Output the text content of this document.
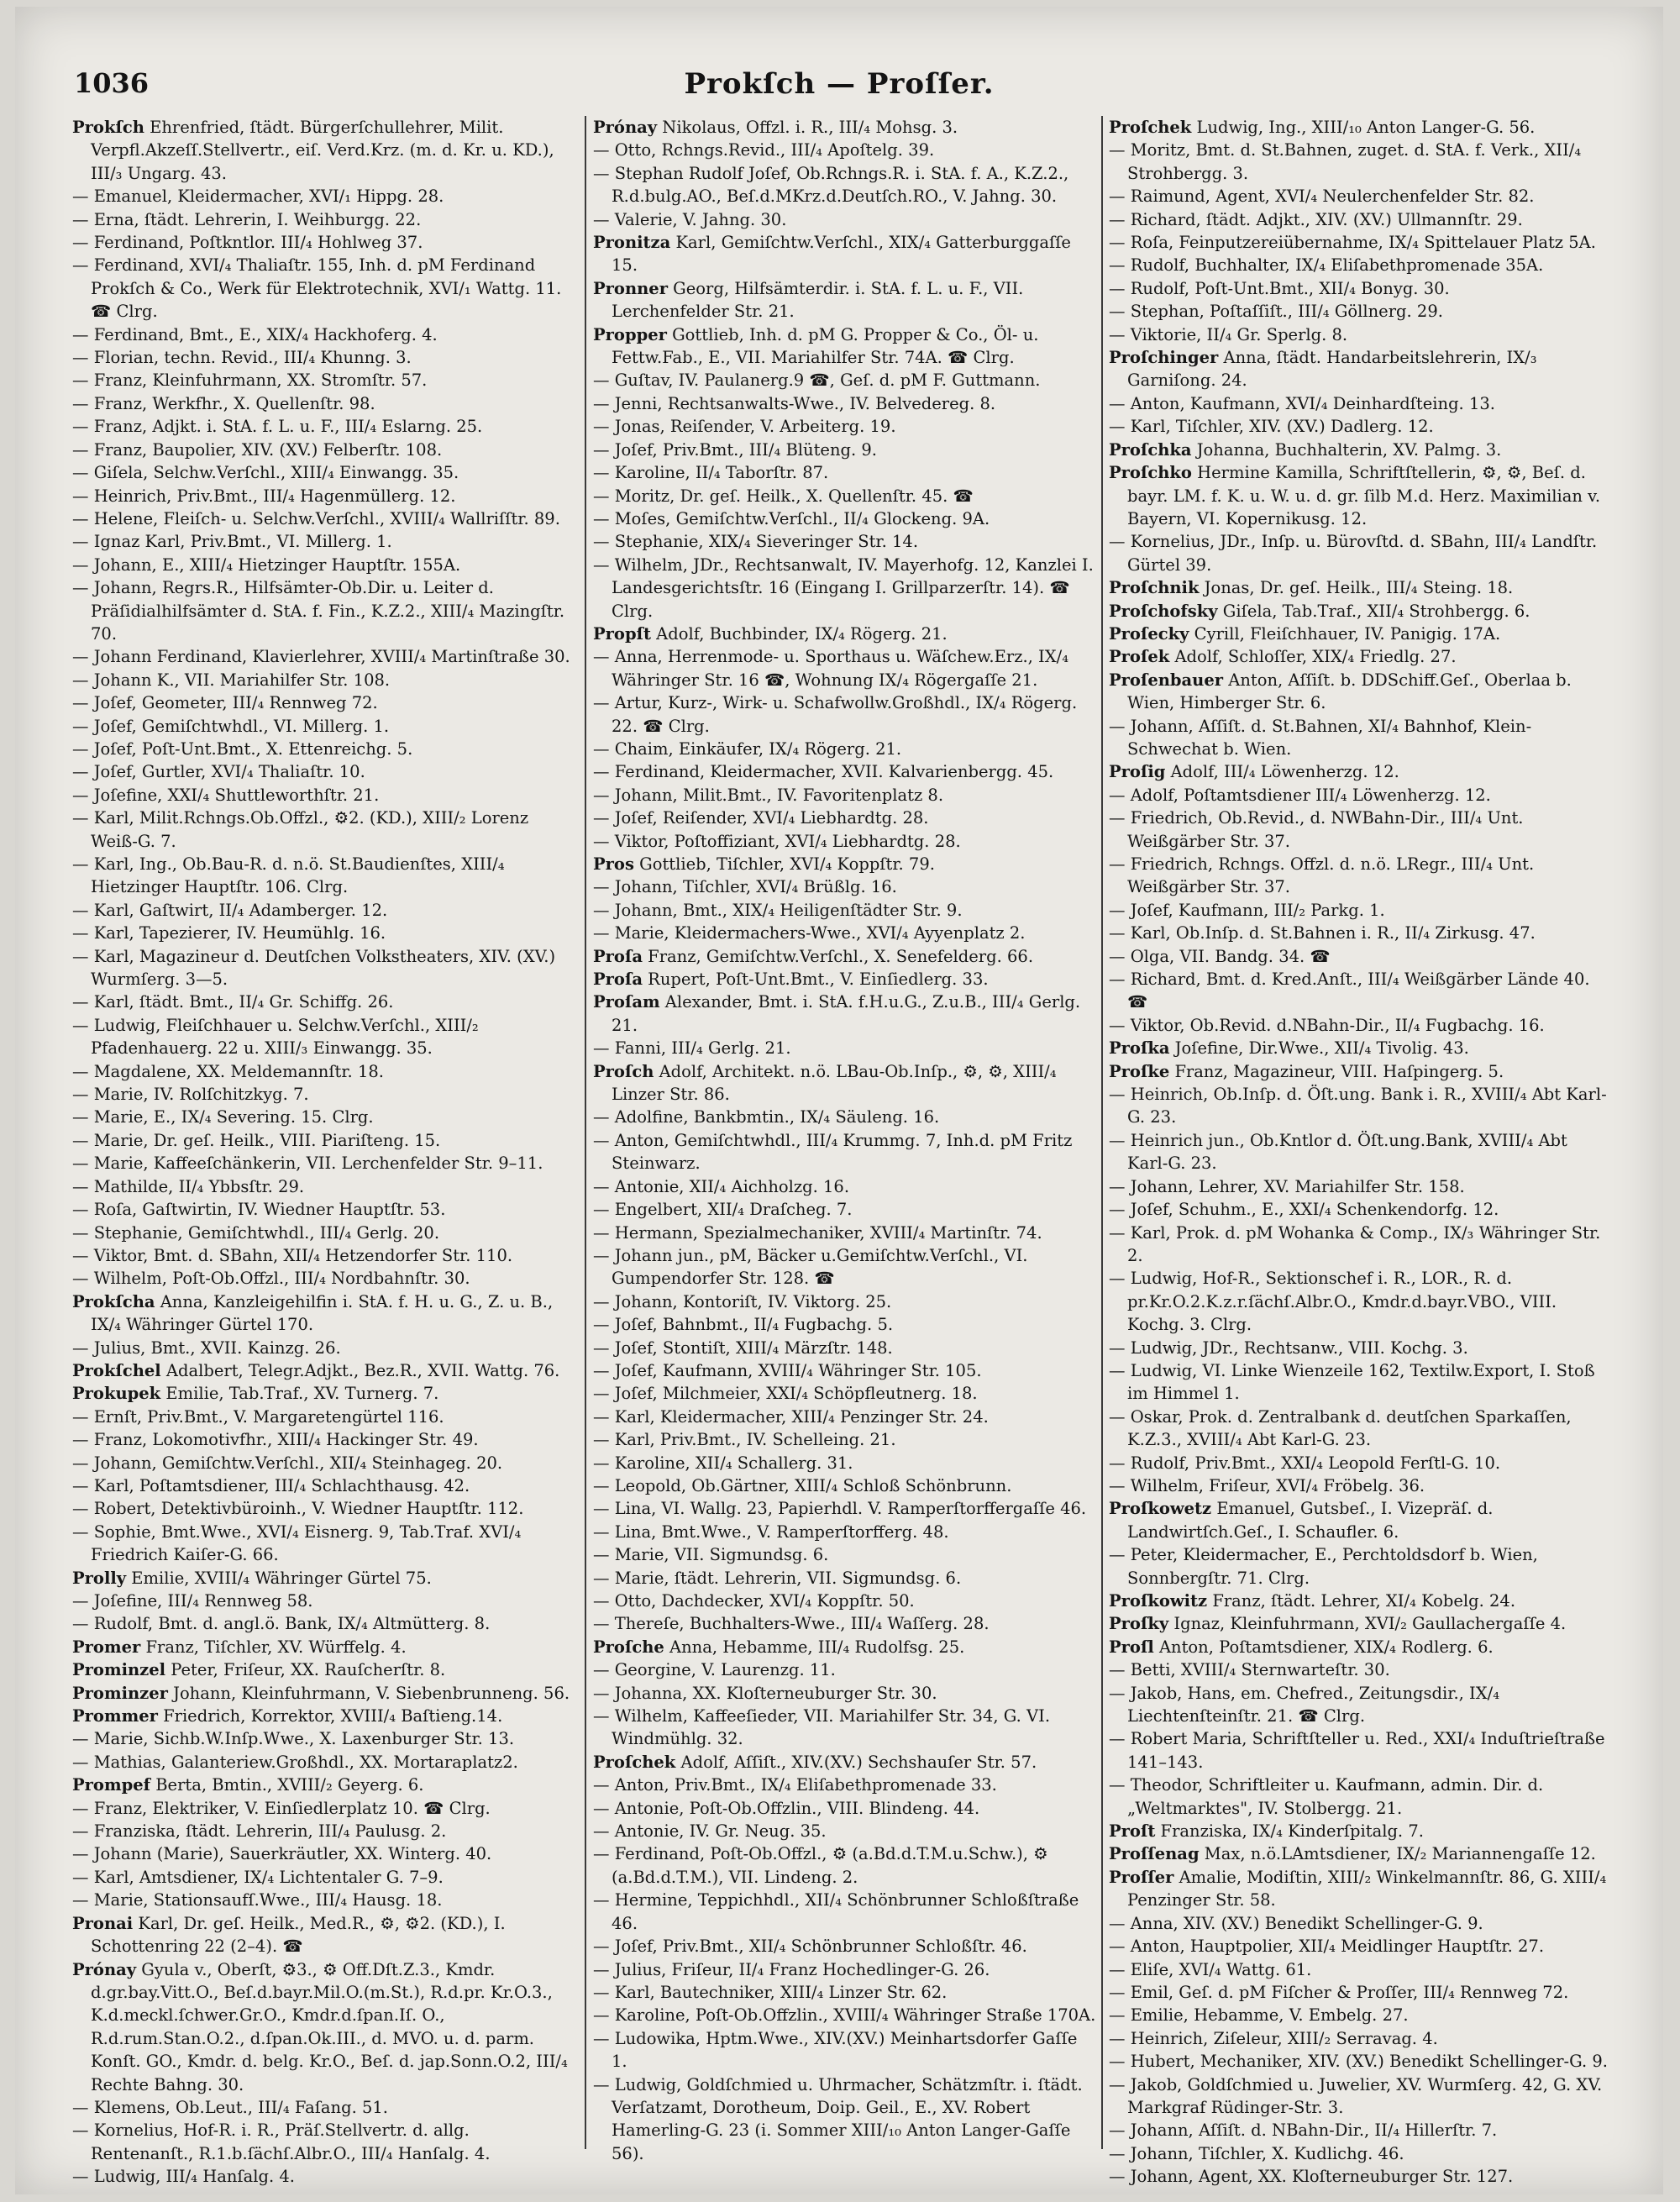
1036	Prokſch — Proſſer.

Prokſch Ehrenfried, ſtädt. Bürgerſchullehrer, Milit. Verpfl.Akzeſſ.Stellvertr., eiſ. Verd.Krz. (m. d. Kr. u. KD.), III/₃ Ungarg. 43.

— Emanuel, Kleidermacher, XVI/₁ Hippg. 28.

— Erna, ſtädt. Lehrerin, I. Weihburgg. 22.

— Ferdinand, Poſtkntlor. III/₄ Hohlweg 37.

— Ferdinand, XVI/₄ Thaliaſtr. 155, Inh. d. pM Ferdinand Prokſch & Co., Werk für Elektrotechnik, XVI/₁ Wattg. 11. ☎ Clrg.

— Ferdinand, Bmt., E., XIX/₄ Hackhoferg. 4.

— Florian, techn. Revid., III/₄ Khunng. 3.

— Franz, Kleinfuhrmann, XX. Stromſtr. 57.

— Franz, Werkfhr., X. Quellenſtr. 98.

— Franz, Adjkt. i. StA. f. L. u. F., III/₄ Eslarng. 25.

— Franz, Baupolier, XIV. (XV.) Felberſtr. 108.

— Giſela, Selchw.Verſchl., XIII/₄ Einwangg. 35.

— Heinrich, Priv.Bmt., III/₄ Hagenmüllerg. 12.

— Helene, Fleiſch- u. Selchw.Verſchl., XVIII/₄ Wallriſſtr. 89.

— Ignaz Karl, Priv.Bmt., VI. Millerg. 1.

— Johann, E., XIII/₄ Hietzinger Hauptſtr. 155A.

— Johann, Regrs.R., Hilfsämter-Ob.Dir. u. Leiter d. Präſidialhilfsämter d. StA. f. Fin., K.Z.2., XIII/₄ Mazingſtr. 70.

— Johann Ferdinand, Klavierlehrer, XVIII/₄ Martinſtraße 30.

— Johann K., VII. Mariahilfer Str. 108.

— Joſef, Geometer, III/₄ Rennweg 72.

— Joſef, Gemiſchtwhdl., VI. Millerg. 1.

— Joſef, Poſt-Unt.Bmt., X. Ettenreichg. 5.

— Joſef, Gurtler, XVI/₄ Thaliaſtr. 10.

— Joſefine, XXI/₄ Shuttleworthſtr. 21.

— Karl, Milit.Rchngs.Ob.Offzl., ⚙2. (KD.), XIII/₂ Lorenz Weiß-G. 7.

— Karl, Ing., Ob.Bau-R. d. n.ö. St.Baudienſtes, XIII/₄ Hietzinger Hauptſtr. 106. Clrg.

— Karl, Gaſtwirt, II/₄ Adamberger. 12.

— Karl, Tapezierer, IV. Heumühlg. 16.

— Karl, Magazineur d. Deutſchen Volkstheaters, XIV. (XV.) Wurmſerg. 3—5.

— Karl, ſtädt. Bmt., II/₄ Gr. Schiffg. 26.

— Ludwig, Fleiſchhauer u. Selchw.Verſchl., XIII/₂ Pfadenhauerg. 22 u. XIII/₃ Einwangg. 35.

— Magdalene, XX. Meldemannſtr. 18.

— Marie, IV. Rolſchitzkyg. 7.

— Marie, E., IX/₄ Severing. 15. Clrg.

— Marie, Dr. geſ. Heilk., VIII. Piariſteng. 15.

— Marie, Kaffeeſchänkerin, VII. Lerchenfelder Str. 9–11.

— Mathilde, II/₄ Ybbsſtr. 29.

— Roſa, Gaſtwirtin, IV. Wiedner Hauptſtr. 53.

— Stephanie, Gemiſchtwhdl., III/₄ Gerlg. 20.

— Viktor, Bmt. d. SBahn, XII/₄ Hetzendorfer Str. 110.

— Wilhelm, Poſt-Ob.Offzl., III/₄ Nordbahnſtr. 30.

Prokſcha Anna, Kanzleigehilfin i. StA. f. H. u. G., Z. u. B., IX/₄ Währinger Gürtel 170.

— Julius, Bmt., XVII. Kainzg. 26.

Prokſchel Adalbert, Telegr.Adjkt., Bez.R., XVII. Wattg. 76.

Prokupek Emilie, Tab.Traf., XV. Turnerg. 7.

— Ernſt, Priv.Bmt., V. Margaretengürtel 116.

— Franz, Lokomotivfhr., XIII/₄ Hackinger Str. 49.

— Johann, Gemiſchtw.Verſchl., XII/₄ Steinhageg. 20.

— Karl, Poſtamtsdiener, III/₄ Schlachthausg. 42.

— Robert, Detektivbüroinh., V. Wiedner Hauptſtr. 112.

— Sophie, Bmt.Wwe., XVI/₄ Eisnerg. 9, Tab.Traf. XVI/₄ Friedrich Kaiſer-G. 66.

Prolly Emilie, XVIII/₄ Währinger Gürtel 75.

— Joſefine, III/₄ Rennweg 58.

— Rudolf, Bmt. d. angl.ö. Bank, IX/₄ Altmütterg. 8.

Promer Franz, Tiſchler, XV. Würffelg. 4.

Prominzel Peter, Friſeur, XX. Rauſcherſtr. 8.

Prominzer Johann, Kleinfuhrmann, V. Siebenbrunneng. 56.

Prommer Friedrich, Korrektor, XVIII/₄ Baſtieng.14.

— Marie, Sichb.W.Inſp.Wwe., X. Laxenburger Str. 13.

— Mathias, Galanteriew.Großhdl., XX. Mortaraplatz2.

Prompef Berta, Bmtin., XVIII/₂ Geyerg. 6.

— Franz, Elektriker, V. Einſiedlerplatz 10. ☎ Clrg.

— Franziska, ſtädt. Lehrerin, III/₄ Paulusg. 2.

— Johann (Marie), Sauerkräutler, XX. Winterg. 40.

— Karl, Amtsdiener, IX/₄ Lichtentaler G. 7–9.

— Marie, Stationsaufſ.Wwe., III/₄ Hausg. 18.

Pronai Karl, Dr. geſ. Heilk., Med.R., ⚙, ⚙2. (KD.), I. Schottenring 22 (2–4). ☎

Prónay Gyula v., Oberſt, ⚙3., ⚙ Off.Dſt.Z.3., Kmdr. d.gr.bay.Vitt.O., Beſ.d.bayr.Mil.O.(m.St.), R.d.pr. Kr.O.3., K.d.meckl.ſchwer.Gr.O., Kmdr.d.ſpan.Iſ. O., R.d.rum.Stan.O.2., d.ſpan.Ok.III., d. MVO. u. d. parm. Konſt. GO., Kmdr. d. belg. Kr.O., Beſ. d. jap.Sonn.O.2, III/₄ Rechte Bahng. 30.

— Klemens, Ob.Leut., III/₄ Faſang. 51.

— Kornelius, Hof-R. i. R., Präſ.Stellvertr. d. allg. Rentenanſt., R.1.b.ſächſ.Albr.O., III/₄ Hanſalg. 4.

— Ludwig, III/₄ Hanſalg. 4.

Prónay Nikolaus, Offzl. i. R., III/₄ Mohsg. 3.

— Otto, Rchngs.Revid., III/₄ Apoſtelg. 39.

— Stephan Rudolf Joſef, Ob.Rchngs.R. i. StA. f. A., K.Z.2., R.d.bulg.AO., Beſ.d.MKrz.d.Deutſch.RO., V. Jahng. 30.

— Valerie, V. Jahng. 30.

Pronitza Karl, Gemiſchtw.Verſchl., XIX/₄ Gatterburggaſſe 15.

Pronner Georg, Hilfsämterdir. i. StA. f. L. u. F., VII. Lerchenfelder Str. 21.

Propper Gottlieb, Inh. d. pM G. Propper & Co., Öl- u. Fettw.Fab., E., VII. Mariahilfer Str. 74A. ☎ Clrg.

— Guſtav, IV. Paulanerg.9 ☎, Geſ. d. pM F. Guttmann.

— Jenni, Rechtsanwalts-Wwe., IV. Belvedereg. 8.

— Jonas, Reiſender, V. Arbeiterg. 19.

— Joſef, Priv.Bmt., III/₄ Blüteng. 9.

— Karoline, II/₄ Taborſtr. 87.

— Moritz, Dr. geſ. Heilk., X. Quellenſtr. 45. ☎

— Moſes, Gemiſchtw.Verſchl., II/₄ Glockeng. 9A.

— Stephanie, XIX/₄ Sieveringer Str. 14.

— Wilhelm, JDr., Rechtsanwalt, IV. Mayerhofg. 12, Kanzlei I. Landesgerichtsſtr. 16 (Eingang I. Grillparzerſtr. 14). ☎ Clrg.

Propſt Adolf, Buchbinder, IX/₄ Rögerg. 21.

— Anna, Herrenmode- u. Sporthaus u. Wäſchew.Erz., IX/₄ Währinger Str. 16 ☎, Wohnung IX/₄ Rögergaſſe 21.

— Artur, Kurz-, Wirk- u. Schafwollw.Großhdl., IX/₄ Rögerg. 22. ☎ Clrg.

— Chaim, Einkäufer, IX/₄ Rögerg. 21.

— Ferdinand, Kleidermacher, XVII. Kalvarienbergg. 45.

— Johann, Milit.Bmt., IV. Favoritenplatz 8.

— Joſef, Reiſender, XVI/₄ Liebhardtg. 28.

— Viktor, Poſtoffiziant, XVI/₄ Liebhardtg. 28.

Pros Gottlieb, Tiſchler, XVI/₄ Koppſtr. 79.

— Johann, Tiſchler, XVI/₄ Brüßlg. 16.

— Johann, Bmt., XIX/₄ Heiligenſtädter Str. 9.

— Marie, Kleidermachers-Wwe., XVI/₄ Ayyenplatz 2.

Proſa Franz, Gemiſchtw.Verſchl., X. Senefelderg. 66.

Proſa Rupert, Poſt-Unt.Bmt., V. Einſiedlerg. 33.

Proſam Alexander, Bmt. i. StA. f.H.u.G., Z.u.B., III/₄ Gerlg. 21.

— Fanni, III/₄ Gerlg. 21.

Proſch Adolf, Architekt. n.ö. LBau-Ob.Inſp., ⚙, ⚙, XIII/₄ Linzer Str. 86.

— Adolfine, Bankbmtin., IX/₄ Säuleng. 16.

— Anton, Gemiſchtwhdl., III/₄ Krummg. 7, Inh.d. pM Fritz Steinwarz.

— Antonie, XII/₄ Aichholzg. 16.

— Engelbert, XII/₄ Draſcheg. 7.

— Hermann, Spezialmechaniker, XVIII/₄ Martinſtr. 74.

— Johann jun., pM, Bäcker u.Gemiſchtw.Verſchl., VI. Gumpendorfer Str. 128. ☎

— Johann, Kontoriſt, IV. Viktorg. 25.

— Joſef, Bahnbmt., II/₄ Fugbachg. 5.

— Joſef, Stontiſt, XIII/₄ Märzſtr. 148.

— Joſef, Kaufmann, XVIII/₄ Währinger Str. 105.

— Joſef, Milchmeier, XXI/₄ Schöpfleutnerg. 18.

— Karl, Kleidermacher, XIII/₄ Penzinger Str. 24.

— Karl, Priv.Bmt., IV. Schelleing. 21.

— Karoline, XII/₄ Schallerg. 31.

— Leopold, Ob.Gärtner, XIII/₄ Schloß Schönbrunn.

— Lina, VI. Wallg. 23, Papierhdl. V. Ramperſtorffergaſſe 46.

— Lina, Bmt.Wwe., V. Ramperſtorfferg. 48.

— Marie, VII. Sigmundsg. 6.

— Marie, ſtädt. Lehrerin, VII. Sigmundsg. 6.

— Otto, Dachdecker, XVI/₄ Koppſtr. 50.

— Thereſe, Buchhalters-Wwe., III/₄ Waſſerg. 28.

Proſche Anna, Hebamme, III/₄ Rudolfsg. 25.

— Georgine, V. Laurenzg. 11.

— Johanna, XX. Kloſterneuburger Str. 30.

— Wilhelm, Kaffeeſieder, VII. Mariahilfer Str. 34, G. VI. Windmühlg. 32.

Proſchek Adolf, Aſſiſt., XIV.(XV.) Sechshauſer Str. 57.

— Anton, Priv.Bmt., IX/₄ Eliſabethpromenade 33.

— Antonie, Poſt-Ob.Offzlin., VIII. Blindeng. 44.

— Antonie, IV. Gr. Neug. 35.

— Ferdinand, Poſt-Ob.Offzl., ⚙ (a.Bd.d.T.M.u.Schw.), ⚙ (a.Bd.d.T.M.), VII. Lindeng. 2.

— Hermine, Teppichhdl., XII/₄ Schönbrunner Schloßſtraße 46.

— Joſef, Priv.Bmt., XII/₄ Schönbrunner Schloßſtr. 46.

— Julius, Friſeur, II/₄ Franz Hochedlinger-G. 26.

— Karl, Bautechniker, XIII/₄ Linzer Str. 62.

— Karoline, Poſt-Ob.Offzlin., XVIII/₄ Währinger Straße 170A.

— Ludowika, Hptm.Wwe., XIV.(XV.) Meinhartsdorfer Gaſſe 1.

— Ludwig, Goldſchmied u. Uhrmacher, Schätzmſtr. i. ſtädt. Verſatzamt, Dorotheum, Doip. Geil., E., XV. Robert Hamerling-G. 23 (i. Sommer XIII/₁₀ Anton Langer-Gaſſe 56).

Proſchek Ludwig, Ing., XIII/₁₀ Anton Langer-G. 56.

— Moritz, Bmt. d. St.Bahnen, zuget. d. StA. f. Verk., XII/₄ Strohbergg. 3.

— Raimund, Agent, XVI/₄ Neulerchenfelder Str. 82.

— Richard, ſtädt. Adjkt., XIV. (XV.) Ullmannſtr. 29.

— Roſa, Feinputzereiübernahme, IX/₄ Spittelauer Platz 5A.

— Rudolf, Buchhalter, IX/₄ Eliſabethpromenade 35A.

— Rudolf, Poſt-Unt.Bmt., XII/₄ Bonyg. 30.

— Stephan, Poſtaſſiſt., III/₄ Göllnerg. 29.

— Viktorie, II/₄ Gr. Sperlg. 8.

Proſchinger Anna, ſtädt. Handarbeitslehrerin, IX/₃ Garniſong. 24.

— Anton, Kaufmann, XVI/₄ Deinhardſteing. 13.

— Karl, Tiſchler, XIV. (XV.) Dadlerg. 12.

Proſchka Johanna, Buchhalterin, XV. Palmg. 3.

Proſchko Hermine Kamilla, Schriftſtellerin, ⚙, ⚙, Beſ. d. bayr. LM. f. K. u. W. u. d. gr. ſilb M.d. Herz. Maximilian v. Bayern, VI. Kopernikusg. 12.

— Kornelius, JDr., Inſp. u. Bürovſtd. d. SBahn, III/₄ Landſtr. Gürtel 39.

Proſchnik Jonas, Dr. geſ. Heilk., III/₄ Steing. 18.

Proſchofsky Giſela, Tab.Traf., XII/₄ Strohbergg. 6.

Proſecky Cyrill, Fleiſchhauer, IV. Panigig. 17A.

Proſek Adolf, Schloſſer, XIX/₄ Friedlg. 27.

Proſenbauer Anton, Aſſiſt. b. DDSchiff.Geſ., Oberlaa b. Wien, Himberger Str. 6.

— Johann, Aſſiſt. d. St.Bahnen, XI/₄ Bahnhof, Klein-Schwechat b. Wien.

Proſig Adolf, III/₄ Löwenherzg. 12.

— Adolf, Poſtamtsdiener III/₄ Löwenherzg. 12.

— Friedrich, Ob.Revid., d. NWBahn-Dir., III/₄ Unt. Weißgärber Str. 37.

— Friedrich, Rchngs. Offzl. d. n.ö. LRegr., III/₄ Unt. Weißgärber Str. 37.

— Joſef, Kaufmann, III/₂ Parkg. 1.

— Karl, Ob.Inſp. d. St.Bahnen i. R., II/₄ Zirkusg. 47.

— Olga, VII. Bandg. 34. ☎

— Richard, Bmt. d. Kred.Anſt., III/₄ Weißgärber Lände 40. ☎

— Viktor, Ob.Revid. d.NBahn-Dir., II/₄ Fugbachg. 16.

Proſka Joſefine, Dir.Wwe., XII/₄ Tivolig. 43.

Proſke Franz, Magazineur, VIII. Haſpingerg. 5.

— Heinrich, Ob.Inſp. d. Öſt.ung. Bank i. R., XVIII/₄ Abt Karl-G. 23.

— Heinrich jun., Ob.Kntlor d. Öſt.ung.Bank, XVIII/₄ Abt Karl-G. 23.

— Johann, Lehrer, XV. Mariahilfer Str. 158.

— Joſef, Schuhm., E., XXI/₄ Schenkendorfg. 12.

— Karl, Prok. d. pM Wohanka & Comp., IX/₃ Währinger Str. 2.

— Ludwig, Hof-R., Sektionschef i. R., LOR., R. d. pr.Kr.O.2.K.z.r.ſächſ.Albr.O., Kmdr.d.bayr.VBO., VIII. Kochg. 3. Clrg.

— Ludwig, JDr., Rechtsanw., VIII. Kochg. 3.

— Ludwig, VI. Linke Wienzeile 162, Textilw.Export, I. Stoß im Himmel 1.

— Oskar, Prok. d. Zentralbank d. deutſchen Sparkaſſen, K.Z.3., XVIII/₄ Abt Karl-G. 23.

— Rudolf, Priv.Bmt., XXI/₄ Leopold Ferſtl-G. 10.

— Wilhelm, Friſeur, XVI/₄ Fröbelg. 36.

Proſkowetz Emanuel, Gutsbeſ., I. Vizepräſ. d. Landwirtſch.Geſ., I. Schaufler. 6.

— Peter, Kleidermacher, E., Perchtoldsdorf b. Wien, Sonnbergſtr. 71. Clrg.

Proſkowitz Franz, ſtädt. Lehrer, XI/₄ Kobelg. 24.

Proſky Ignaz, Kleinfuhrmann, XVI/₂ Gaullachergaſſe 4.

Proſl Anton, Poſtamtsdiener, XIX/₄ Rodlerg. 6.

— Betti, XVIII/₄ Sternwarteſtr. 30.

— Jakob, Hans, em. Chefred., Zeitungsdir., IX/₄ Liechtenſteinſtr. 21. ☎ Clrg.

— Robert Maria, Schriftſteller u. Red., XXI/₄ Induſtrieſtraße 141–143.

— Theodor, Schriftleiter u. Kaufmann, admin. Dir. d. „Weltmarktes", IV. Stolbergg. 21.

Proſt Franziska, IX/₄ Kinderſpitalg. 7.

Proſſenag Max, n.ö.LAmtsdiener, IX/₂ Mariannengaſſe 12.

Proſſer Amalie, Modiſtin, XIII/₂ Winkelmannſtr. 86, G. XIII/₄ Penzinger Str. 58.

— Anna, XIV. (XV.) Benedikt Schellinger-G. 9.

— Anton, Hauptpolier, XII/₄ Meidlinger Hauptſtr. 27.

— Eliſe, XVI/₄ Wattg. 61.

— Emil, Geſ. d. pM Fiſcher & Proſſer, III/₄ Rennweg 72.

— Emilie, Hebamme, V. Embelg. 27.

— Heinrich, Ziſeleur, XIII/₂ Serravag. 4.

— Hubert, Mechaniker, XIV. (XV.) Benedikt Schellinger-G. 9.

— Jakob, Goldſchmied u. Juwelier, XV. Wurmſerg. 42, G. XV. Markgraf Rüdinger-Str. 3.

— Johann, Aſſiſt. d. NBahn-Dir., II/₄ Hillerſtr. 7.

— Johann, Tiſchler, X. Kudlichg. 46.

— Johann, Agent, XX. Kloſterneuburger Str. 127.
